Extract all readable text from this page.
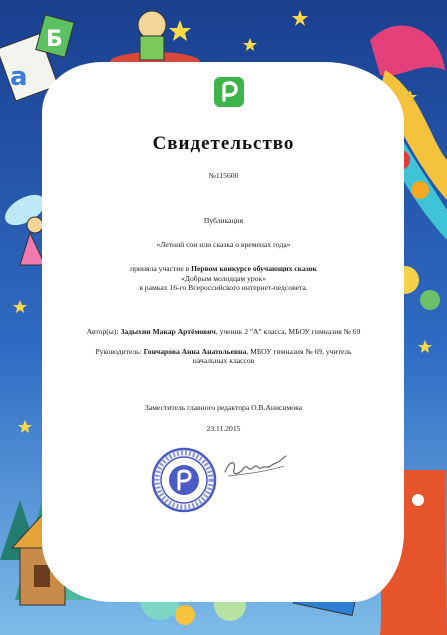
a
Б
Свидетельство
№115600
Публикация
«Летний сон или сказка о временах года»
приняла участие в Первом конкурсе обучающих сказок
«Добрым молодцам урок»
в рамках 16-го Всероссийского интернет-педсовета.
Автор(ы): Задыхин Макар Артёмович, ученик 2 "А" класса, МБОУ гимназия № 69
Руководитель: Гончарова Анна Анатольевна, МБОУ гимназия № 69, учитель
начальных классов
Заместитель главного редактора О.В.Анисимова
23.11.2015
